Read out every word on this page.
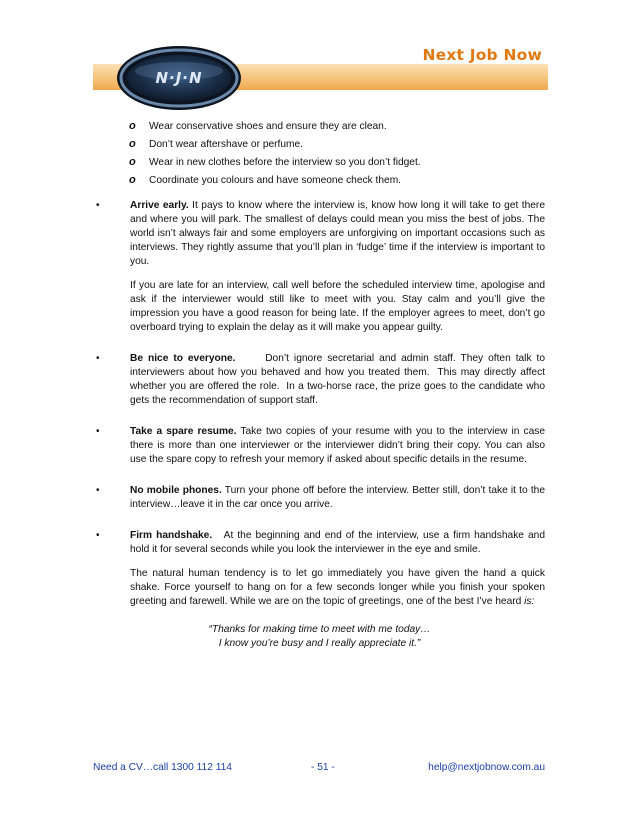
Next Job Now
N·J·N
o Wear conservative shoes and ensure they are clean.
o Don’t wear aftershave or perfume.
o Wear in new clothes before the interview so you don’t fidget.
o Coordinate you colours and have someone check them.
•	Arrive early. It pays to know where the interview is, know how long it will take to get there and where you will park. The smallest of delays could mean you miss the best of jobs. The world isn’t always fair and some employers are unforgiving on important occasions such as interviews. They rightly assume that you’ll plan in ‘fudge’ time if the interview is important to you.

If you are late for an interview, call well before the scheduled interview time, apologise and ask if the interviewer would still like to meet with you. Stay calm and you’ll give the impression you have a good reason for being late. If the employer agrees to meet, don’t go overboard trying to explain the delay as it will make you appear guilty.

•	Be nice to everyone.      Don’t ignore secretarial and admin staff. They often talk to interviewers about how you behaved and how you treated them.  This may directly affect whether you are offered the role.  In a two-horse race, the prize goes to the candidate who gets the recommendation of support staff.

•	Take a spare resume. Take two copies of your resume with you to the interview in case there is more than one interviewer or the interviewer didn’t bring their copy. You can also use the spare copy to refresh your memory if asked about specific details in the resume.

•	No mobile phones. Turn your phone off before the interview. Better still, don’t take it to the interview…leave it in the car once you arrive.

•	Firm handshake.   At the beginning and end of the interview, use a firm handshake and hold it for several seconds while you look the interviewer in the eye and smile.

The natural human tendency is to let go immediately you have given the hand a quick shake. Force yourself to hang on for a few seconds longer while you finish your spoken greeting and farewell. While we are on the topic of greetings, one of the best I’ve heard is:

“Thanks for making time to meet with me today…
I know you’re busy and I really appreciate it.”
Need a CV…call 1300 112 114	- 51 -	help@nextjobnow.com.au
